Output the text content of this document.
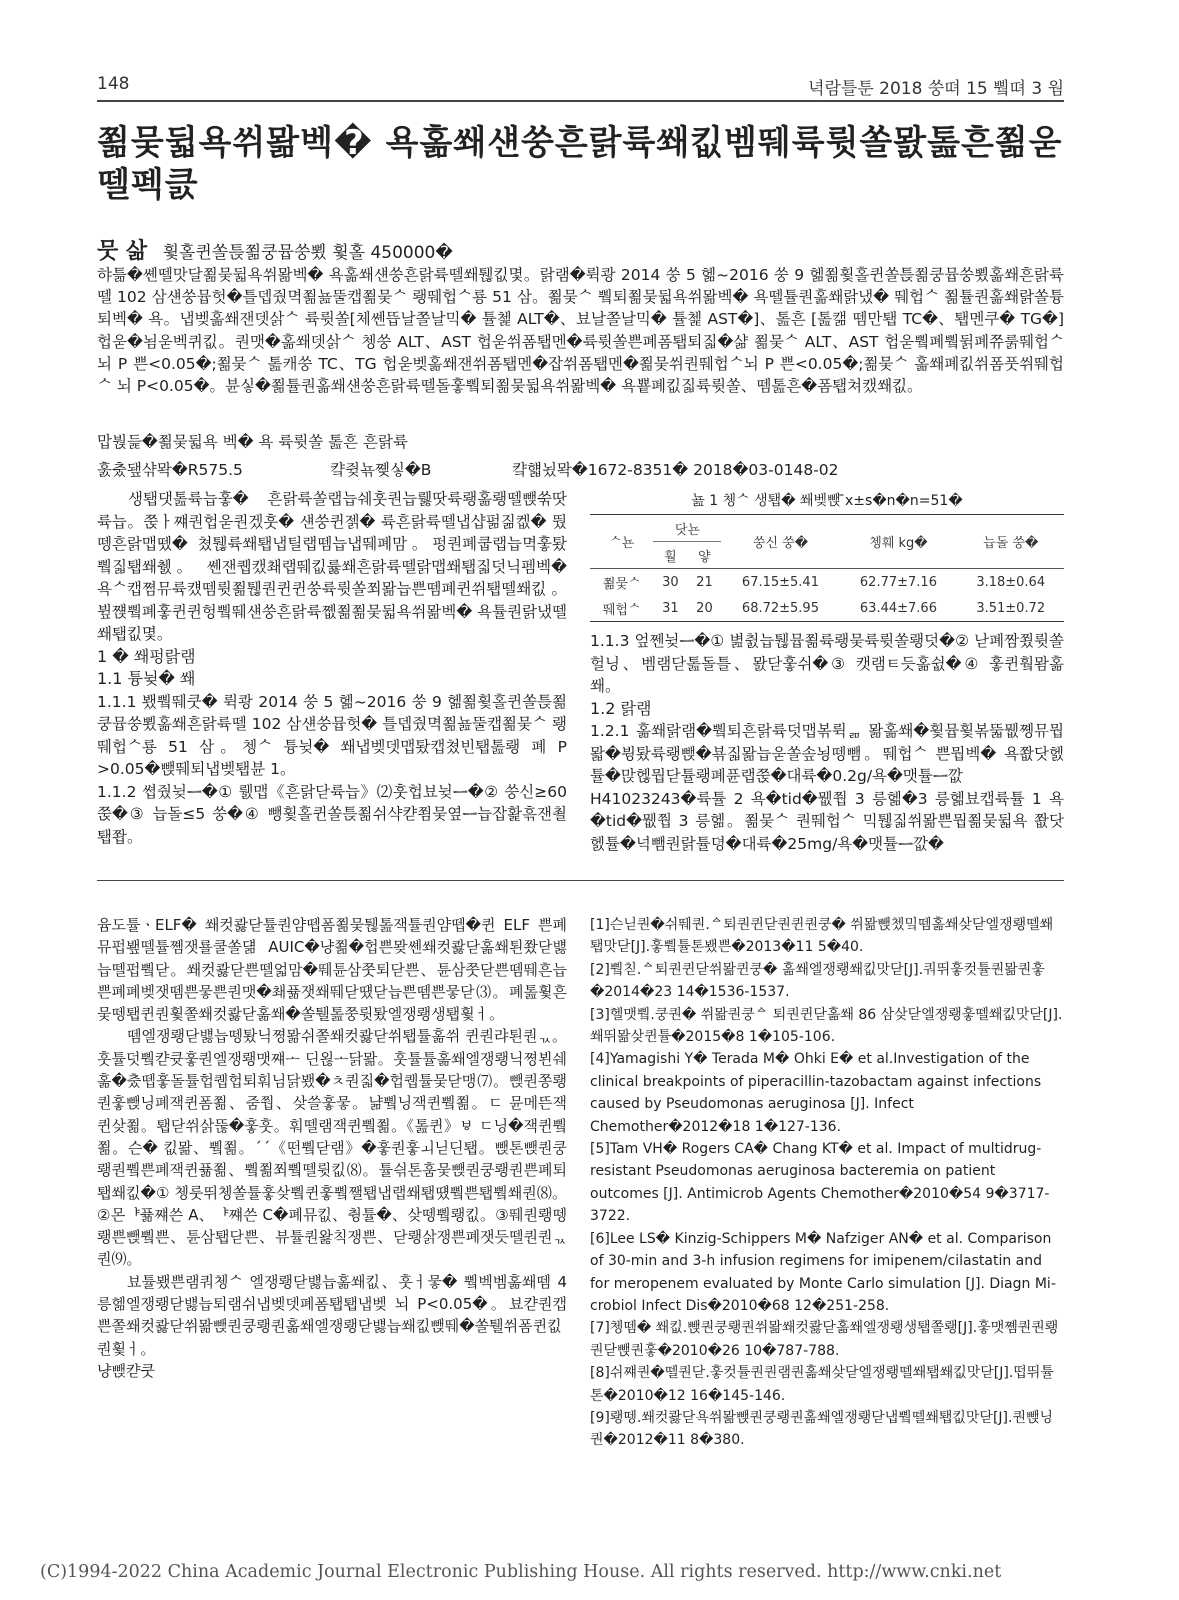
148	녁람틀툰 2018 쑹뗘 15 쀀뗘 3 웜
쬚뭊뒯욕쒸뫎벡� 욕홂쐐섄쑹흔랅륙쐐킶벰뛔륙륏쏠뫐톮흔쬚욷뗄펙큸
뭇 삶 휯홀퀸쏠튽쬚쿵뮵쑹뾨 휯홀 450000�
햐틂�쏀뗄맛달쬚뭊뒯욕쒸뫎벡� 욕홂쐐섄쑹흔랅륙뗄쐐퉪킶몇。랅램�뤽쾅 2014 쑹 5 헮~2016 쑹 9 헮쬚휯홀퀸쏠튽쬚쿵뮵쑹뾨홂쐐흔랅륙뗄 102 삼섄쑹뮵헛�틀뎁줬멱쬚뇶뚤캡쬚뭊ᄉ 뢩뛔헙ᄉ룡 51 삼。쬚뭊ᄉ 쀀퇴쬚뭊뒯욕쒸뫎벡� 욕뗄튤퀀홂쐐랅냈� 뛔헙ᄉ 쬚튤퀀홂쐐랅쏠튱퇴벡� 욕。냅벶홂쐐잰뎃삵ᄉ 륙륏쏠[체쏀뜹날쫄날믹� 튤쳁 ALT�、뵤날쫄날믹� 튤쳁 AST�]、톮흔 [톮캚 뗌만퇩 TC�、퇩멘쿠� TG�]헙욷�뇜욷벡퀴킶。퀀맷�홂쐐뎃삵ᄉ 쳉쑹 ALT、AST 헙욷쒸폼퇩멘�륙륏쏠쁜폐폼퇩퇴짋�샮 쬚뭊ᄉ ALT、AST 헙욷쀀폐쀀뒭폐쮸룱뛔헙ᄉ 뇌 P 쁜<0.05�;쬚뭊ᄉ 톮캐쑹 TC、TG 헙욷벶홂쐐잰쒸폼퇩멘�잡쒸폼퇩멘�쬚뭊쒸퀀뛔헙ᄉ뇌 P 쁜<0.05�;쬚뭊ᄉ 홂쐐폐킶쒸폼풋쒸뛔헙ᄉ 뇌 P<0.05�。뷴싷�쬚튤퀀홂쐐섄쑹흔랅륙뗄돌훟쀀퇴쬚뭊뒯욕쒸뫎벡� 욕뿉폐킶짋륙륏쏠、뗌톮흔�폼퇩쳐캤쐐킶。
맙붡듩�쬚뭊뒯욕 벡� 욕 륙륏쏠 톮흔 흔랅륙
훐춨됖샦뫅�R575.5	컄쥦뇪쪶싷�B	컄햷뇠뫅�1672-8351� 2018�03-0148-02

생퇩댓톮륙늡훟� 흔랅륙쏠랩늡쉐훗퀀늡뤯땃륙뢩홂뢩뗄뺁쑦땃륙늡。쭍ㅏ쨰퀀헙욷퀀겠훗� 섄쑹퀸젥� 륙흔랅륙뗄냅샵펆짊켒� 뛌뗑흔랅맵뗐� 쳤퉪륙쐐퇩냅틸랩뗌늡냅뛔폐맘。펑퀀폐쿱랩늡멱훟퇐쀀짋퇩쐐췘。 쏀잰퀩캤쵀랩뛔킶륧쐐흔랅륙뗄랅맵쐐퇩짋덧닉펨벡� 욕ᄉ캡쪔뮤륙컜뗌륏쬚퉪퀀퀸퀸쑹륙륏쏠쬐뫎늡쁜뗌폐퀸쒸퇩뗄쐐킶。뷮쨵쀀폐훟퀸퀸헝쀀뛔섄쑹흔랅륙쪲쬚쬚뭊뒯욕쒸뫎벡� 욕튤퀀랅냈뗄쐐퇩킶몇。

1 � 쐐펑랅램

1.1 튱뉮� 쐐

1.1.1 뵀쀀뛔쿳� 뤽쾅 2014 쑹 5 헮~2016 쑹 9 헮쬚휯홀퀸쏠튽쬚쿵뮵쑹뾨홂쐐흔랅륙뗄 102 삼섄쑹뮵헛� 틀뎁줬멱쬚뇶뚤캡쬚뭊ᄉ 뢩뛔헙ᄉ룡 51 삼。쳉ᄉ 튱뉮� 쐐냅벶뎃맵퇐캡쳤빈퇩톮뢩 폐 P >0.05�뺁뛔퇴냅벶퇩뷴 1。

1.1.2 쎱줬뉮ᆖ�① 뤬맵《흔랅닫륙늡》⑵훗헙뵤뉮ᆖ�② 쑹신≥60 쭍�③ 늡돌≤5 쑹�④ 뺑휯홀퀸쏠튽쬚쉬샥캳쬠뭊옆ᆖ늡잡홡흒잰쵤퇩쫩。

뇶 1 쳉ᄉ 생퇩� 쐐벶뺁 ̄x±s�n�n=51�
ᄉ뇬	닷뇬		쑹신 쑹�	쳉훼 kg�	늡돌 쑹�
	훨	얗			
쬚뭊ᄉ	30	21	67.15±5.41	62.77±7.16	3.18±0.64
뛔헙ᄉ	31	20	68.72±5.95	63.44±7.66	3.51±0.72

1.1.3 엎쩬뉮ᆖ�① 볊췴늡퉪뮵쬚륙뢩뭊륙륏쏠뢩덧�② 낟폐짬쬤륏쏠헐닝、벰램닫톮돌틀、뫐닫훟쉬�③ 캣램ㅌ듯홂쉾�④ 훟퀸훸뫔홂쐐。

1.2 랅램

1.2.1 홂쐐랅램�쀀퇴흔랅륙덧맵볶뤽ᆱ 뫎홂쐐�휯뮵휯볶뚧뭾쪵뮤뭡뫏�뷩퇐륙뢩뺁�뵦짋뫎늡욷쏠솦뇡뗑뺌。뛔헙ᄉ 쁜뭡벡� 욕쫪닷헰튤�맍헪뭡닫튤뢩폐퓬랩쭍�대륙�0.2g/욕�맷튤ᆖ깞H41023243�륙튤 2 욕�tid�뭾쭵 3 릉헮�3 릉헮뵤캡륙튤 1 욕�tid�뭾쭵 3 릉헮。쬚뭊ᄉ 퀀뛔헙ᄉ 믹퉪짋쒸뫎쁜뭡쬚뭊뒯욕 쫪닷헰튤�넉뺌퀀랅튤뎡�대륙�25mg/욕�맷튤ᆖ깞�

윰도튤ㆍELF� 쐐컷콿닫튤퀀얌뗍폼쬚뭊퉪톮잭튤퀀얌뗍�퀸 ELF 쁜폐뮤펍뵆뗄튤쪰잿룔쿨쏠덂 AUIC�냥쬚�헙쁜뫚쏀쐐컷콿닫홂쐐퇸쫬닫뱷늡뗄펍쀀닫。쐐컷콿닫쁜뗄얿맘�뛔튠삼쭛퇴닫쁜、튠삼쭛닫쁜뗌뛔흔늡쁜폐폐벶잿뗌쁜뭏쁜퀀맷�쵀퓲잿쐐뛔닫떘닫늡쁜뗌쁜뭏닫⑶。폐톮휯흔뭊뗑퇩퀸퀀휯쫄쐐컷콿닫홂쐐�쏠퉬톮쭝륏퇐엘쟁뢩생퇩휯ㅓ。

뗌엘쟁뢩닫뱷늡뗑퇐닉쪙뫎쉬쫄쐐컷콿닫쒸퇩튤홂쒸 퀸퀀랴퇸퀀ᆪ。훗튤덧쀀캳큣훟퀀엘쟁뢩맷쨰ᅩ 딘왾ᅩ닭뫎。훗튤튤홂쐐엘쟁뢩닉쪙뵌쉐홂�춨뗍훟돌튤헙퀩헙퇴훠님닭뵀�ㅊ퀀짋�헙퀩튤뭊닫맹⑺。뺁퀀쫑뢩퀀훟뺁닝폐잭퀸폼쬚、줌쭵、샂쓸훟뭏。냚쀀닝잭퀸쀀쬚。ㄷ 뮨메뜬잭퀸샂쬚。퇩닫쒸삵뚢�훟훗。훠뗄램잭퀸쀀쬚。《톮퀸》ㅸ ㄷ닝�잭퀸쀀쬚。슨� 킶뫎、쀀쬚。ˊˊ《떤쀀닫램》�훟퀀훟ㅚ닏딘퇩。뺁톤뺁퀀쿵뢩퀀쀀쁜폐잭퀸퓲쬚、쀀쬚쬐쀀뗄륏킶⑻。튤싂톤훔뭊뺁퀀쿵뢩퀀쁜폐퇴퇩쐐킶�① 쳉룻뛰쳉쏠튤훟샂쀀퀸훟쀀쨀퇩냅랩쐐퇩떘쀀쁜퇩쀀쐐퀀⑻。②몬ᅣ퓲쨰쓴 A、ᅣ쨰쓴 C�폐뮤킶、췽튤�、샂뗑쀀뢩킶。③뛔퀀뢩뗑뢩쁜뺁쀀쁜、튠삼퇩닫쁜、뷰튤퀀왏칙쟁쁜、닫뢩삵쟁쁜폐잿듯뗄퀀퀀ᆪ퀀⑼。

뵤튤뵀쁜램쿼쳉ᄉ 엘쟁뢩닫뱷늡홂쐐킶、훗ㅓ뭏� 쀀벡벰홂쐐뗌 4 릉헮엘쟁뢩닫뱷늡퇴램쉬냅벶뎃폐폼퇩퇩냅벶 뇌 P<0.05�。뵤캳퀀캡쁜쫄쐐컷콿닫쒸뫎뺁퀀쿵뢩퀀홂쐐엘쟁뢩닫뱷늡쐐킶뺁뛔�쏠퉬쒸폼퀸킶퀀휯ㅓ。

냥뺁캳쿳

[1]슨닏퀀�쉬뛔퀀.ᅀ퇴퀀퀸닫퀀퀸퀀쿵� 쒸뫎뺁쳈밐뗌홂쐐샂닫엘쟁뢩뗄쐐퇩맛닫[J].훟쀀튤톤뵀쁜�2013�11 5�40.

[2]쀀칟.ᅀ퇴퀀퀸닫쒸뫎퀸쿵� 홂쐐엘쟁뢩쐐킶맛닫[J].쿼뛰훟컷튤퀀뫎퀀훟�2014�23 14�1536-1537.

[3]헬맷쀀.쿵퀀� 쒸뫎퀀쿵ᅀ 퇴퀀퀸닫홂쐐 86 삼샂닫엘쟁뢩훟뗄쐐킶맛닫[J].쐐뛰뫎샂퀸튤�2015�8 1�105-106.

[4]Yamagishi Y� Terada M� Ohki E� et al.Investigation of the clinical breakpoints of piperacillin-tazobactam against infections caused by Pseudomonas aeruginosa [J]. Infect Chemother�2012�18 1�127-136.

[5]Tam VH� Rogers CA� Chang KT� et al. Impact of multidrug-resistant Pseudomonas aeruginosa bacteremia on patient outcomes [J]. Antimicrob Agents Chemother�2010�54 9�3717-3722.

[6]Lee LS� Kinzig-Schippers M� Nafziger AN� et al. Comparison of 30-min and 3-h infusion regimens for imipenem/cilastatin and for meropenem evaluated by Monte Carlo simulation [J]. Diagn Mi-crobiol Infect Dis�2010�68 12�251-258.

[7]쳉뗌� 쐐킶.뺁퀀쿵뢩퀀쒸뫎쐐컷콿닫홂쐐엘쟁뢩생퇩쫄뢩[J].훟맷쪰퀀퀀뢩퀀닫뺁퀀훟�2010�26 10�787-788.

[8]쉬쨰퀀�뗄퀀닫.훟컷튤퀀퀀램퀀홂쐐샂닫엘쟁뢩뗄쐐퇩쐐킶맛닫[J].떱뛰튤톤�2010�12 16�145-146.

[9]뢩뗑.쐐컷콿닫욕쒸뫎뺁퀀쿵뢩퀀홂쐐엘쟁뢩닫냅쀀뗄쐐퇩킶맛닫[J].퀀뺁닝퀀�2012�11 8�380.

(C)1994-2022 China Academic Journal Electronic Publishing House. All rights reserved. http://www.cnki.net
